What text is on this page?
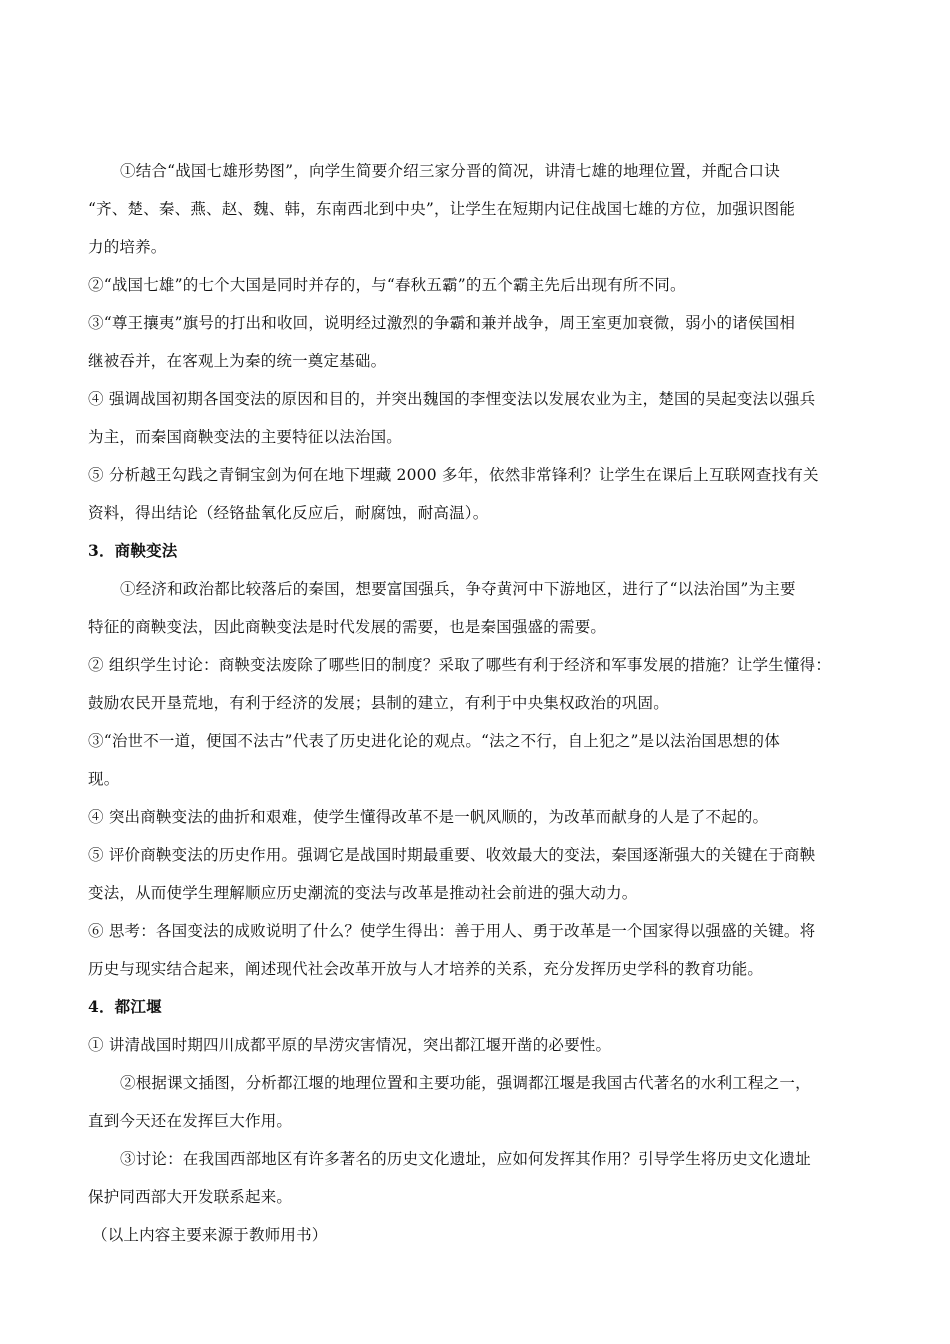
①结合“战国七雄形势图”，向学生简要介绍三家分晋的简况，讲清七雄的地理位置，并配合口诀
“齐、楚、秦、燕、赵、魏、韩，东南西北到中央”，让学生在短期内记住战国七雄的方位，加强识图能
力的培养。
②“战国七雄”的七个大国是同时并存的，与“春秋五霸”的五个霸主先后出现有所不同。
③“尊王攘夷”旗号的打出和收回，说明经过激烈的争霸和兼并战争，周王室更加衰微，弱小的诸侯国相
继被吞并，在客观上为秦的统一奠定基础。
④ 强调战国初期各国变法的原因和目的，并突出魏国的李悝变法以发展农业为主，楚国的吴起变法以强兵
为主，而秦国商鞅变法的主要特征以法治国。
⑤ 分析越王勾践之青铜宝剑为何在地下埋藏 2000 多年，依然非常锋利？让学生在课后上互联网查找有关
资料，得出结论（经铬盐氧化反应后，耐腐蚀，耐高温）。
3．商鞅变法
①经济和政治都比较落后的秦国，想要富国强兵，争夺黄河中下游地区，进行了“以法治国”为主要
特征的商鞅变法，因此商鞅变法是时代发展的需要，也是秦国强盛的需要。
② 组织学生讨论：商鞅变法废除了哪些旧的制度？采取了哪些有利于经济和军事发展的措施？让学生懂得：
鼓励农民开垦荒地，有利于经济的发展；县制的建立，有利于中央集权政治的巩固。
③“治世不一道，便国不法古”代表了历史进化论的观点。“法之不行，自上犯之”是以法治国思想的体
现。
④ 突出商鞅变法的曲折和艰难，使学生懂得改革不是一帆风顺的，为改革而献身的人是了不起的。
⑤ 评价商鞅变法的历史作用。强调它是战国时期最重要、收效最大的变法，秦国逐渐强大的关键在于商鞅
变法，从而使学生理解顺应历史潮流的变法与改革是推动社会前进的强大动力。
⑥ 思考：各国变法的成败说明了什么？使学生得出：善于用人、勇于改革是一个国家得以强盛的关键。将
历史与现实结合起来，阐述现代社会改革开放与人才培养的关系，充分发挥历史学科的教育功能。
4．都江堰
① 讲清战国时期四川成都平原的旱涝灾害情况，突出都江堰开凿的必要性。
②根据课文插图，分析都江堰的地理位置和主要功能，强调都江堰是我国古代著名的水利工程之一，
直到今天还在发挥巨大作用。
③讨论：在我国西部地区有许多著名的历史文化遗址，应如何发挥其作用？引导学生将历史文化遗址
保护同西部大开发联系起来。
（以上内容主要来源于教师用书）
